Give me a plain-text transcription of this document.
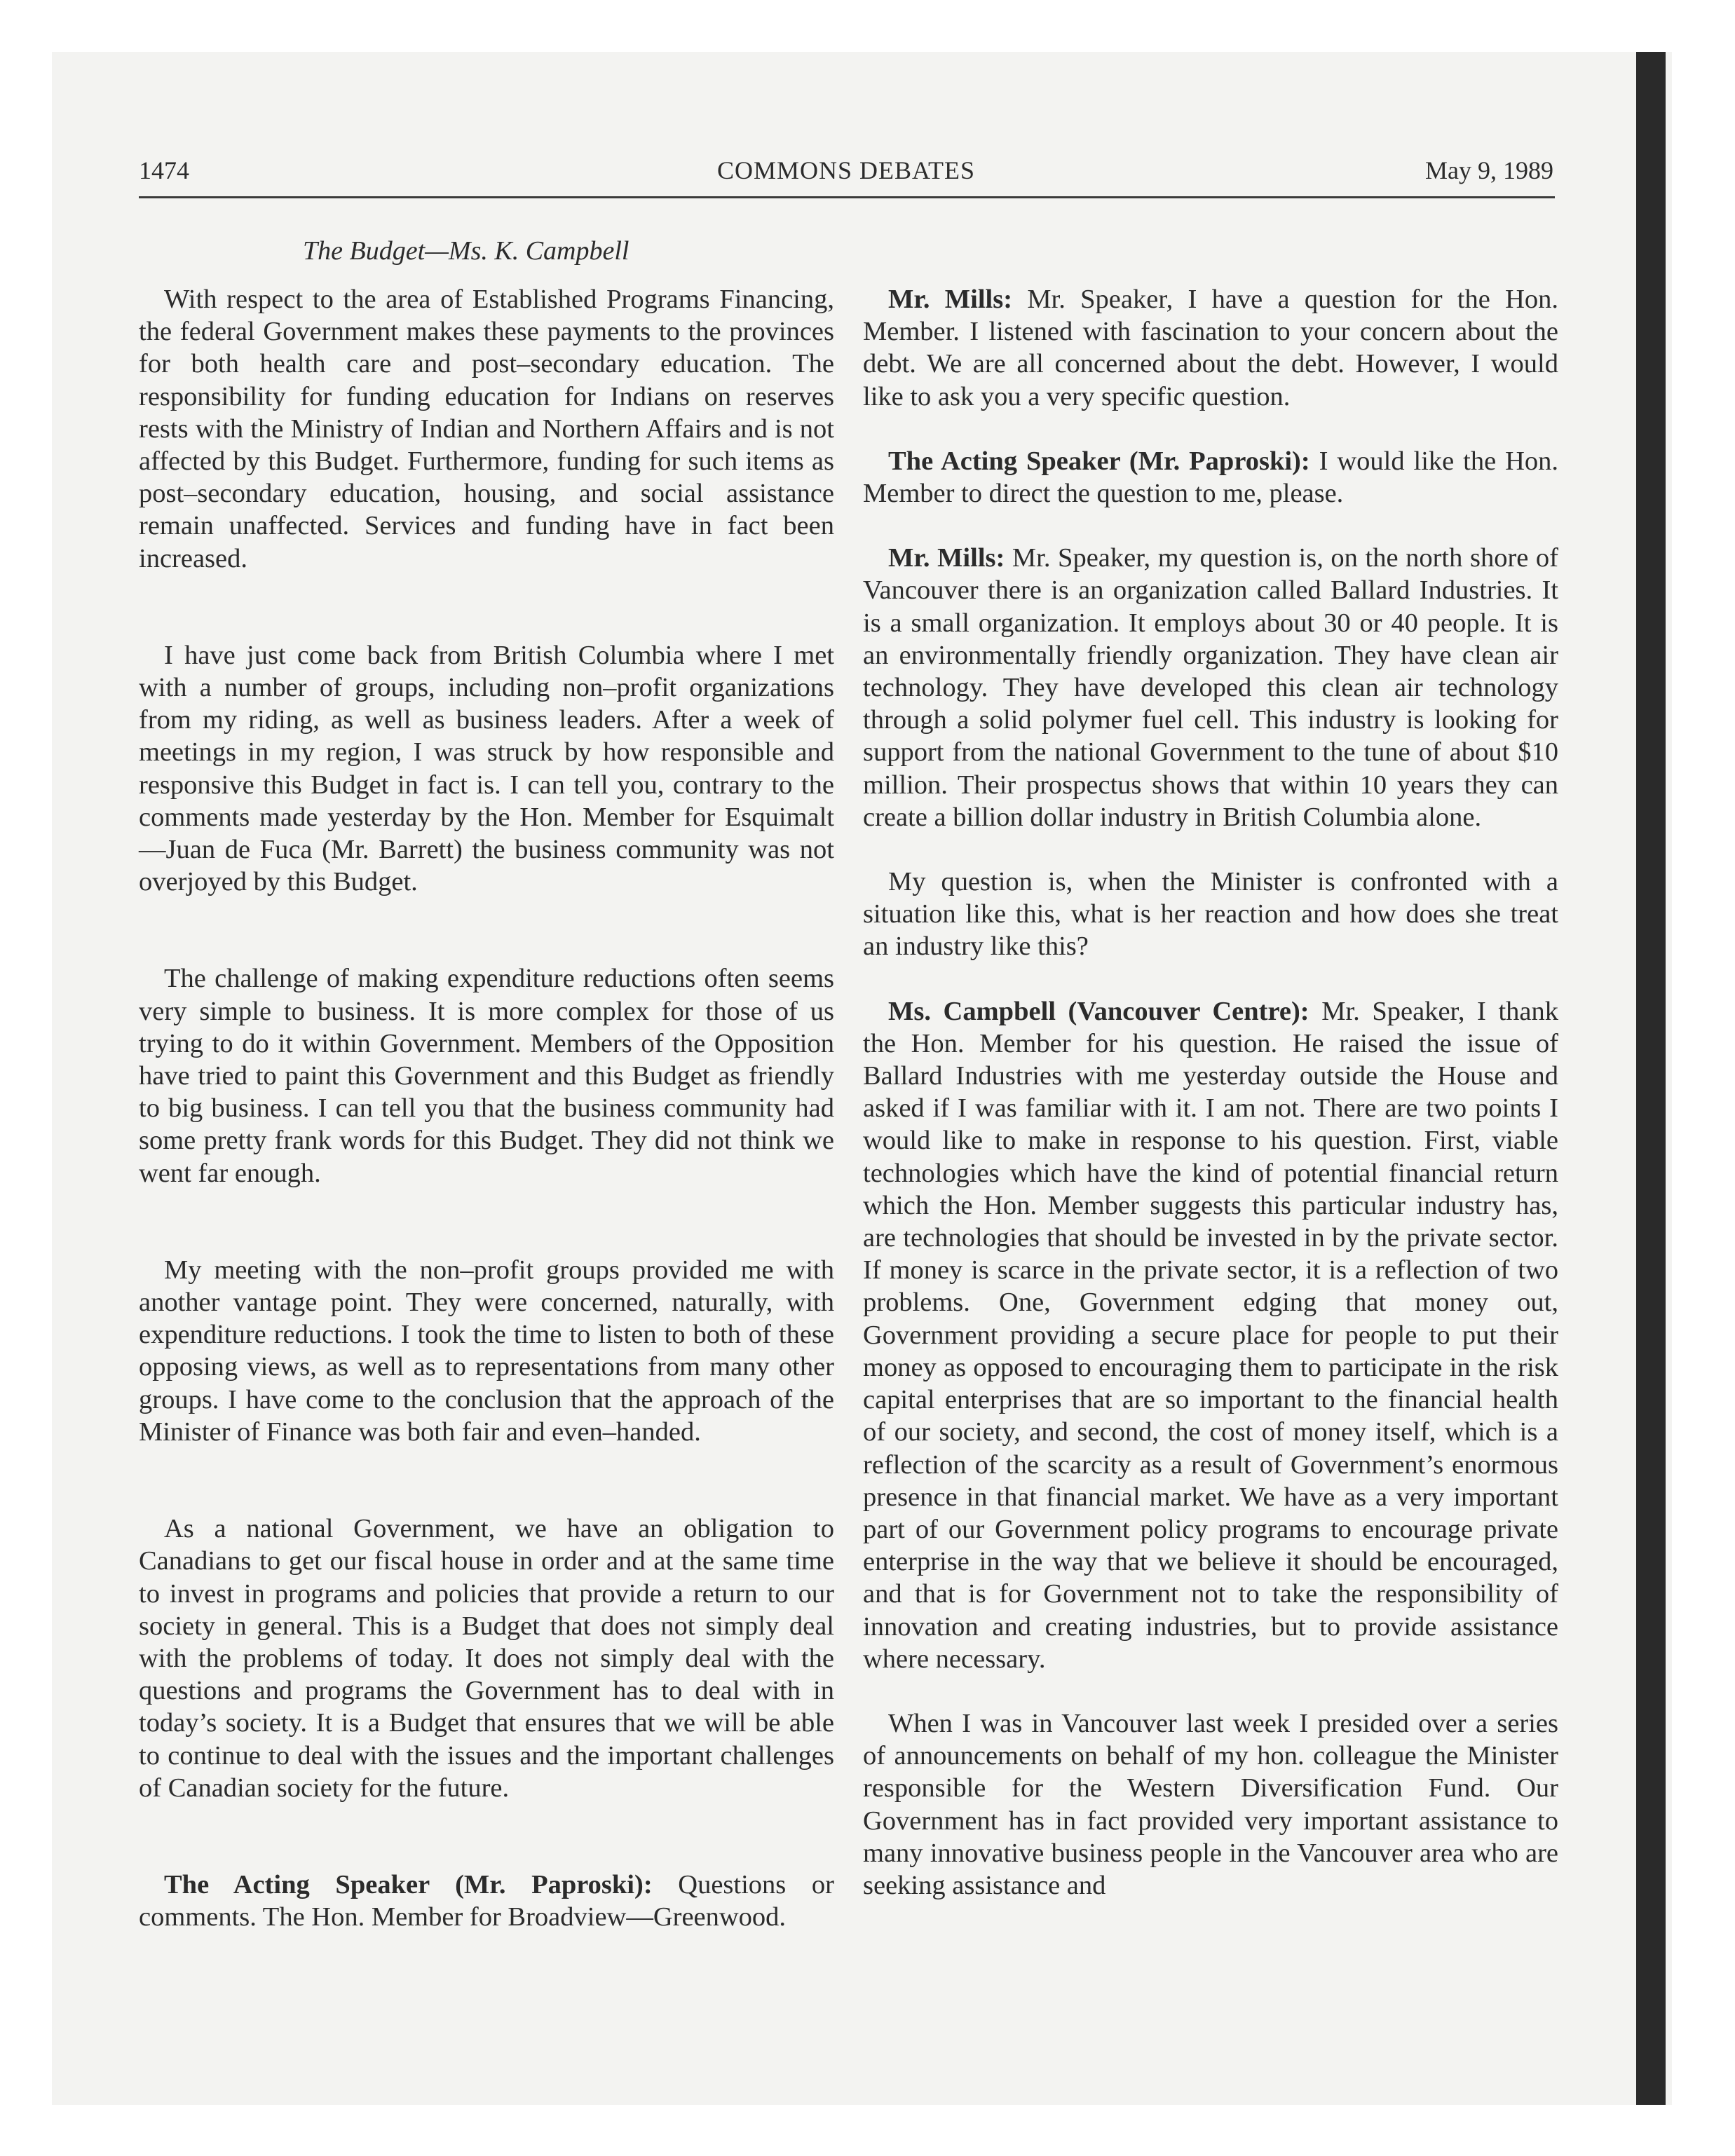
1474	COMMONS DEBATES	May 9, 1989
The Budget—Ms. K. Campbell

With respect to the area of Established Programs Financing, the federal Government makes these payments to the provinces for both health care and post–secondary education. The responsibility for funding education for Indians on reserves rests with the Ministry of Indian and Northern Affairs and is not affected by this Budget. Furthermore, funding for such items as post–secondary education, housing, and social assistance remain unaffected. Services and funding have in fact been increased.

I have just come back from British Columbia where I met with a number of groups, including non–profit organizations from my riding, as well as business leaders. After a week of meetings in my region, I was struck by how responsible and responsive this Budget in fact is. I can tell you, contrary to the comments made yesterday by the Hon. Member for Esquimalt—Juan de Fuca (Mr. Barrett) the business community was not overjoyed by this Budget.

The challenge of making expenditure reductions often seems very simple to business. It is more complex for those of us trying to do it within Government. Members of the Opposition have tried to paint this Government and this Budget as friendly to big business. I can tell you that the business community had some pretty frank words for this Budget. They did not think we went far enough.

My meeting with the non–profit groups provided me with another vantage point. They were concerned, naturally, with expenditure reductions. I took the time to listen to both of these opposing views, as well as to representations from many other groups. I have come to the conclusion that the approach of the Minister of Finance was both fair and even–handed.

As a national Government, we have an obligation to Canadians to get our fiscal house in order and at the same time to invest in programs and policies that provide a return to our society in general. This is a Budget that does not simply deal with the problems of today. It does not simply deal with the questions and programs the Government has to deal with in today’s society. It is a Budget that ensures that we will be able to continue to deal with the issues and the important challenges of Canadian society for the future.

The Acting Speaker (Mr. Paproski): Questions or comments. The Hon. Member for Broadview—Greenwood.

Mr. Mills: Mr. Speaker, I have a question for the Hon. Member. I listened with fascination to your concern about the debt. We are all concerned about the debt. However, I would like to ask you a very specific question.

The Acting Speaker (Mr. Paproski): I would like the Hon. Member to direct the question to me, please.

Mr. Mills: Mr. Speaker, my question is, on the north shore of Vancouver there is an organization called Ballard Industries. It is a small organization. It employs about 30 or 40 people. It is an environmentally friendly organization. They have clean air technology. They have developed this clean air technology through a solid polymer fuel cell. This industry is looking for support from the national Government to the tune of about $10 million. Their prospectus shows that within 10 years they can create a billion dollar industry in British Columbia alone.

My question is, when the Minister is confronted with a situation like this, what is her reaction and how does she treat an industry like this?

Ms. Campbell (Vancouver Centre): Mr. Speaker, I thank the Hon. Member for his question. He raised the issue of Ballard Industries with me yesterday outside the House and asked if I was familiar with it. I am not. There are two points I would like to make in response to his question. First, viable technologies which have the kind of potential financial return which the Hon. Member suggests this particular industry has, are technologies that should be invested in by the private sector. If money is scarce in the private sector, it is a reflection of two problems. One, Government edging that money out, Government providing a secure place for people to put their money as opposed to encouraging them to participate in the risk capital enterprises that are so important to the financial health of our society, and second, the cost of money itself, which is a reflection of the scarcity as a result of Government’s enormous presence in that financial market. We have as a very important part of our Government policy programs to encourage private enterprise in the way that we believe it should be encouraged, and that is for Government not to take the responsibility of innovation and creating industries, but to provide assistance where necessary.

When I was in Vancouver last week I presided over a series of announcements on behalf of my hon. colleague the Minister responsible for the Western Diversification Fund. Our Government has in fact provided very important assistance to many innovative business people in the Vancouver area who are seeking assistance and
